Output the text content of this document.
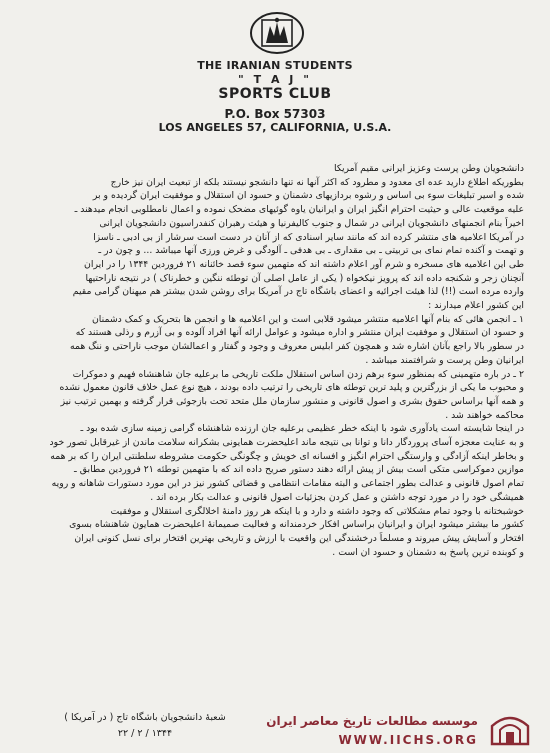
THE IRANIAN STUDENTS
" T A J "
SPORTS CLUB
P.O. Box 57303
LOS ANGELES 57, CALIFORNIA, U.S.A.
دانشجویان وطن پرست وعزیز ایرانی مقیم آمریکا
بطوریکه اطلاع دارید عده ای معدود و مطرود که اکثر آنها نه تنها دانشجو نیستند بلکه از تبعیت ایران نیز خارج
شده و اسیر تبلیغات سوء بی اساس و رشوه بردازیهای دشمنان و حسود ان استقلال و موفقیت ایران گردیده و بر
علیه موقعیت عالی و حیثیت احترام انگیز ایران و ایرانیان یاوه گوئیهای مضحک نموده و اعمال نامطلوبی انجام میدهند ـ
اخیراً بنام انجمنهای دانشجویان ایرانی در شمال و جنوب کالیفرنیا و هیئت رهبران کنفدراسیون دانشجویان ایرانی
در آمریکا اعلامیه های منتشر کرده اند که مانند سایر اسنادی که از آنان در دست است سرشار از بی ادبی ـ ناسزا
و تهمت و آکنده تمام نمای بی تربیتی ـ بی مقداری ـ بی هدفی ـ آلودگی و غرض ورزی آنها میباشد ... و چون در ـ
طی این اعلامیه های مسخره و شرم آور اعلام داشته اند که متهمین سوء قصد خائنانه ۲۱ فروردین ۱۳۴۴ را در ایران
آنچنان زجر و شکنجه داده اند که پرویز نیکخواه ( یکی از عامل اصلی آن توطئه ننگین و خطرناک ) در نتیجه ناراحتیها
وارده مرده است (!!) لذا هیئت اجرائیه و اعضای باشگاه تاج در آمریکا برای روشن شدن بیشتر هم میهنان گرامی مقیم
این کشور اعلام میدارند :
۱ ـ انجمن هائی که بنام آنها اعلامیه منتشر میشود قلابی است و این اعلامیه ها و انجمن ها بتحریک و کمک دشمنان
و حسود ان استقلال و موفقیت ایران منتشر و اداره میشود و عوامل ارائه آنها افراد آلوده و بی آزرم و رذلی هستند که
در سطور بالا راجع بآنان اشاره شد و همچون کفر ابلیس معروف و وجود و گفتار و اعمالشان موجب ناراحتی و ننگ همه
ایرانیان وطن پرست و شرافتمند میباشد .
۲ ـ در باره متهمینی که بمنظور سوء برهم زدن اساس استقلال ملکت تاریخی ما برعلیه جان شاهنشاه فهیم و دموکرات
و محبوب ما یکی از بزرگترین و پلید ترین توطئه های تاریخی را ترتیب داده بودند ، هیچ نوع عمل خلاف قانون معمول نشده
و همه آنها براساس حقوق بشری و اصول قانونی و منشور سازمان ملل متحد تحت بازجوئی قرار گرفته و بهمین ترتیب نیز
محاکمه خواهند شد .
در اینجا شایسته است یادآوری شود با اینکه خطر عظیمی برعلیه جان ارزنده شاهنشاه گرامی زمینه سازی شده بود ـ
و به عنایت معجزه آسای پروردگار دانا و توانا بی نتیجه ماند اعلیحضرت همایونی بشکرانه سلامت ماندن از غیرقابل تصور خود
و بخاطر اینکه آزادگی و وارستگی احترام انگیز و افسانه ای خویش و چگونگی حکومت مشروطه سلطنتی ایران را که بر همه
موازین دموکراسی متکی است بیش از پیش ارائه دهند دستور صریح داده اند که با متهمین توطئه ۲۱ فروردین مطابق ـ
تمام اصول قانونی و عدالت بطور اجتماعی و البته مقامات انتظامی و قضائی کشور نیز در این مورد دستورات شاهانه و رویه
همیشگی خود را در مورد توجه داشتن و عمل کردن بجزئیات اصول قانونی و عدالت بکار برده اند .
خوشبختانه با وجود تمام مشکلاتی که وجود داشته و دارد و با اینکه هر روز دامنهٔ اخلالگری استقلال و موفقیت
کشور ما بیشتر میشود ایران و ایرانیان براساس افکار خردمندانه و فعالیت صمیمانهٔ اعلیحضرت همایون شاهنشاه بسوی
افتخار و آسایش پیش میروند و مسلماً درخشندگی این واقعیت با ارزش و تاریخی بهترین افتخار برای نسل کنونی ایران
و کوبنده ترین پاسخ به دشمنان و حسود ان است .
شعبهٔ دانشجویان باشگاه تاج ( در آمریکا )
۱۳۴۴ / ۲ / ۲۲
موسسه مطالعات تاریخ معاصر ایران
WWW.IICHS.ORG
